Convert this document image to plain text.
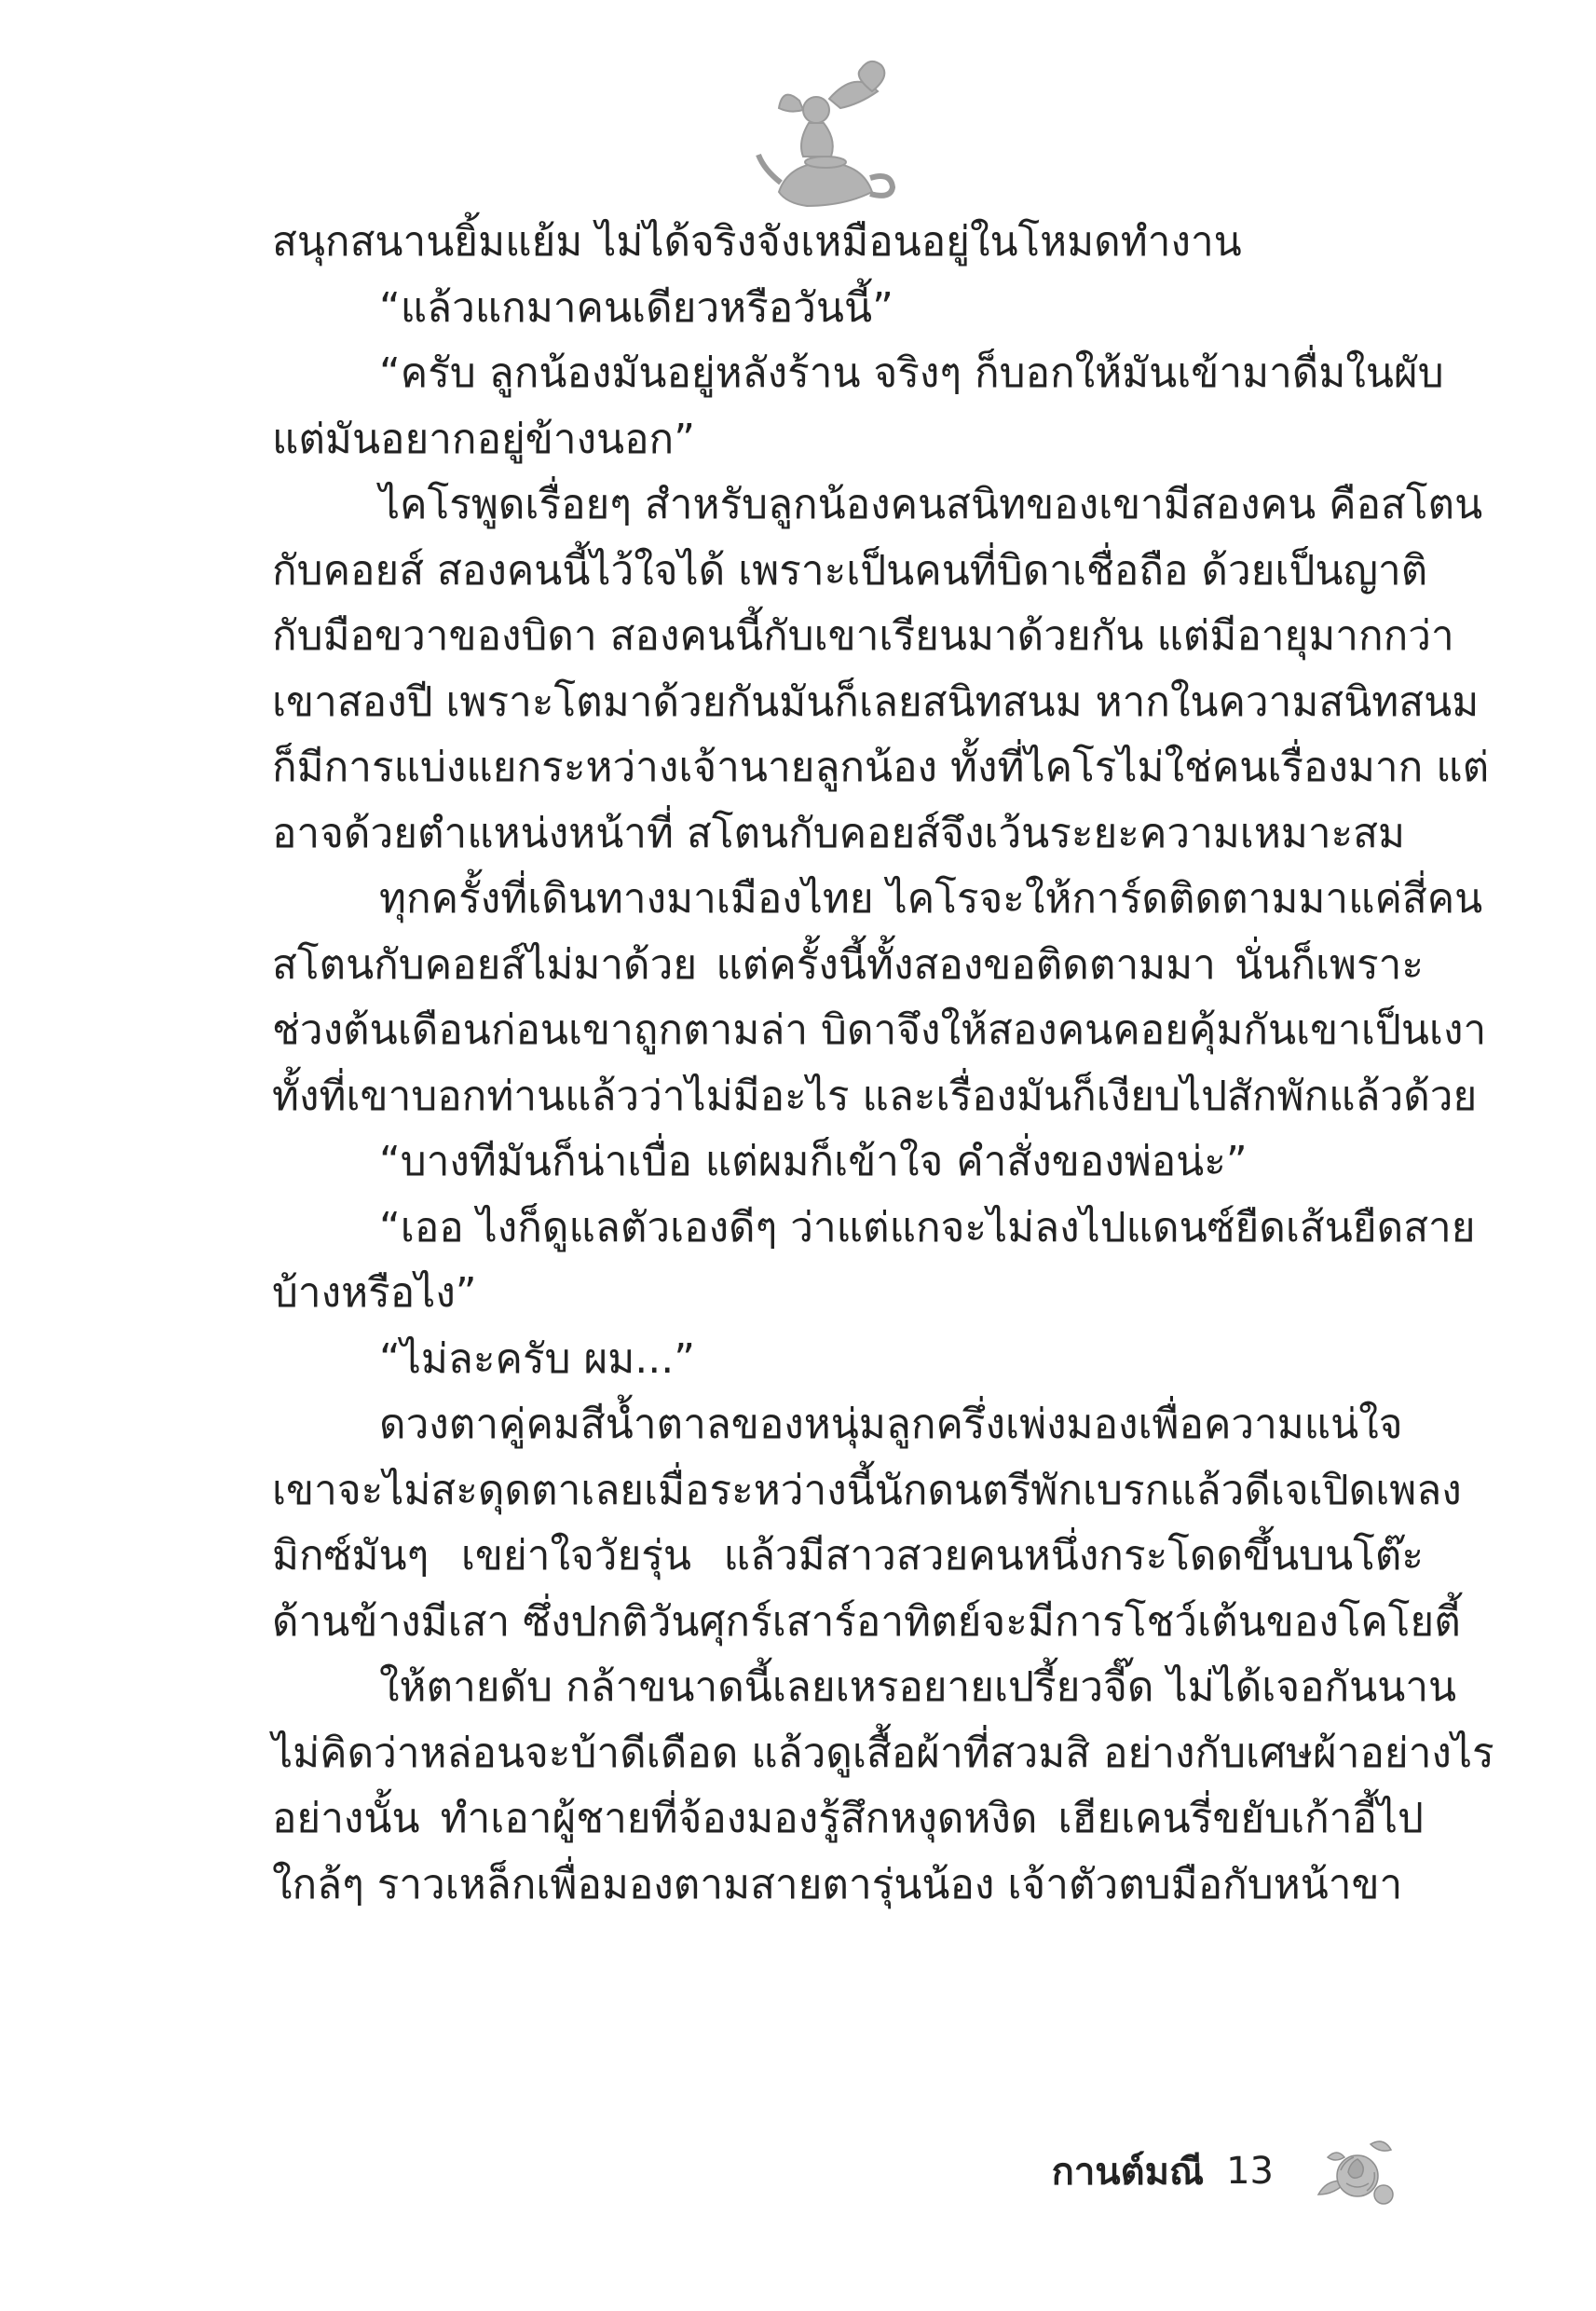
สนุกสนานยิ้มแย้ม ไม่ได้จริงจังเหมือนอยู่ในโหมดทำงาน
“แล้วแกมาคนเดียวหรือวันนี้”
“ครับ ลูกน้องมันอยู่หลังร้าน จริงๆ ก็บอกให้มันเข้ามาดื่มในผับ
แต่มันอยากอยู่ข้างนอก”
ไคโรพูดเรื่อยๆ สำหรับลูกน้องคนสนิทของเขามีสองคน คือสโตน
กับคอยส์ สองคนนี้ไว้ใจได้ เพราะเป็นคนที่บิดาเชื่อถือ ด้วยเป็นญาติ
กับมือขวาของบิดา สองคนนี้กับเขาเรียนมาด้วยกัน แต่มีอายุมากกว่า
เขาสองปี เพราะโตมาด้วยกันมันก็เลยสนิทสนม หากในความสนิทสนม
ก็มีการแบ่งแยกระหว่างเจ้านายลูกน้อง ทั้งที่ไคโรไม่ใช่คนเรื่องมาก แต่
อาจด้วยตำแหน่งหน้าที่ สโตนกับคอยส์จึงเว้นระยะความเหมาะสม
ทุกครั้งที่เดินทางมาเมืองไทย ไคโรจะให้การ์ดติดตามมาแค่สี่คน
สโตนกับคอยส์ไม่มาด้วย แต่ครั้งนี้ทั้งสองขอติดตามมา นั่นก็เพราะ
ช่วงต้นเดือนก่อนเขาถูกตามล่า บิดาจึงให้สองคนคอยคุ้มกันเขาเป็นเงา
ทั้งที่เขาบอกท่านแล้วว่าไม่มีอะไร และเรื่องมันก็เงียบไปสักพักแล้วด้วย
“บางทีมันก็น่าเบื่อ แต่ผมก็เข้าใจ คำสั่งของพ่อน่ะ”
“เออ ไงก็ดูแลตัวเองดีๆ ว่าแต่แกจะไม่ลงไปแดนซ์ยืดเส้นยืดสาย
บ้างหรือไง”
“ไม่ละครับ ผม...”
ดวงตาคู่คมสีน้ำตาลของหนุ่มลูกครึ่งเพ่งมองเพื่อความแน่ใจ
เขาจะไม่สะดุดตาเลยเมื่อระหว่างนี้นักดนตรีพักเบรกแล้วดีเจเปิดเพลง
มิกซ์มันๆ เขย่าใจวัยรุ่น แล้วมีสาวสวยคนหนึ่งกระโดดขึ้นบนโต๊ะ
ด้านข้างมีเสา ซึ่งปกติวันศุกร์เสาร์อาทิตย์จะมีการโชว์เต้นของโคโยตี้
ให้ตายดับ กล้าขนาดนี้เลยเหรอยายเปรี้ยวจี๊ด ไม่ได้เจอกันนาน
ไม่คิดว่าหล่อนจะบ้าดีเดือด แล้วดูเสื้อผ้าที่สวมสิ อย่างกับเศษผ้าอย่างไร
อย่างนั้น ทำเอาผู้ชายที่จ้องมองรู้สึกหงุดหงิด เฮียเคนรี่ขยับเก้าอี้ไป
ใกล้ๆ ราวเหล็กเพื่อมองตามสายตารุ่นน้อง เจ้าตัวตบมือกับหน้าขา
กานต์มณี 13
